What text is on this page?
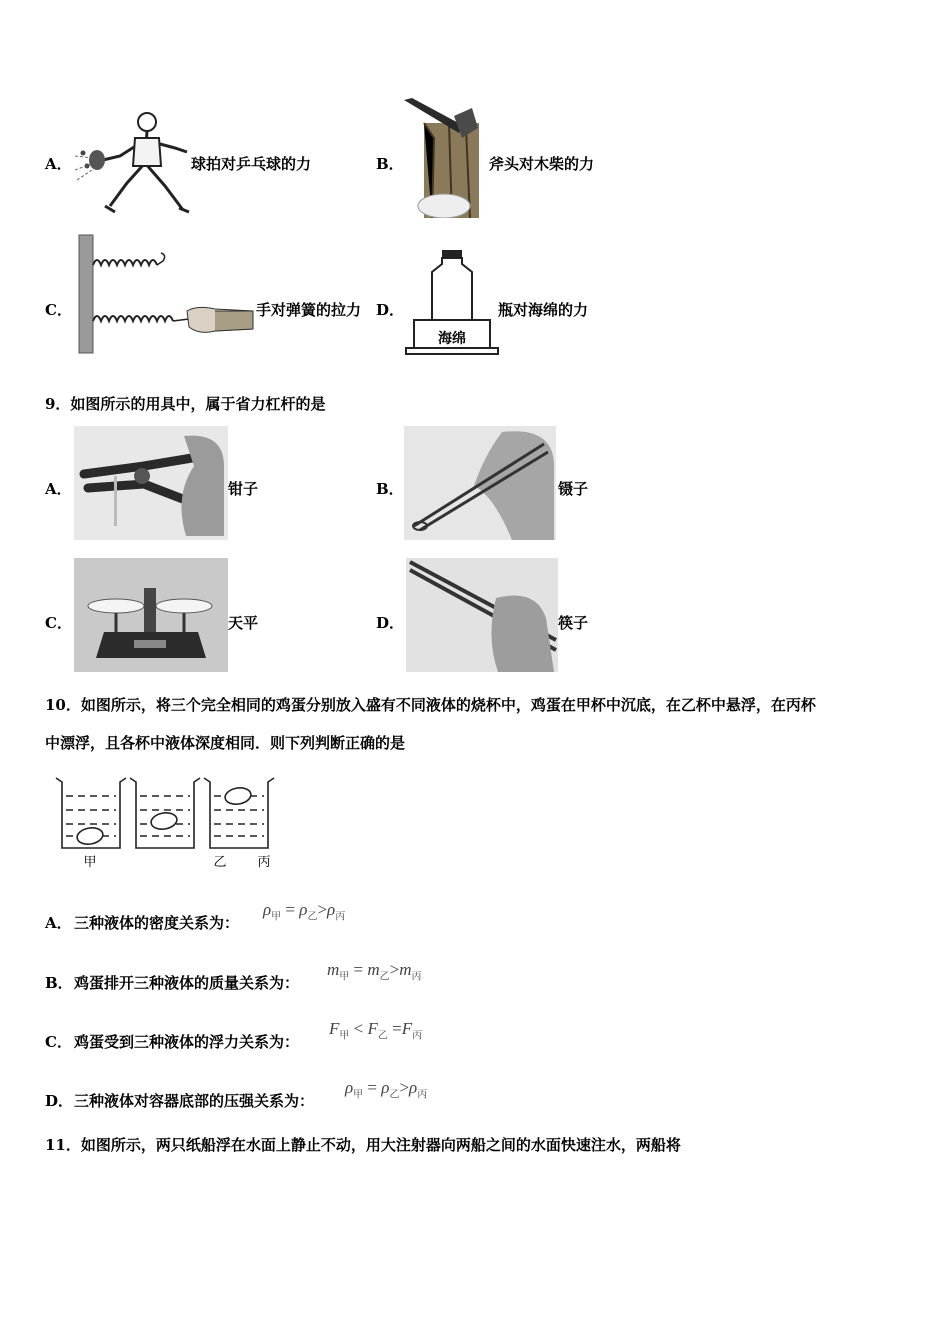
A．	球拍对乒乓球的力	B．	斧头对木柴的力
C．	手对弹簧的拉力 D．
海绵
瓶对海绵的力
9．如图所示的用具中，属于省力杠杆的是
A．	钳子	B．	镊子
C．	天平	D．	筷子
10．如图所示，将三个完全相同的鸡蛋分别放入盛有不同液体的烧杯中，鸡蛋在甲杯中沉底，在乙杯中悬浮，在丙杯
中漂浮，且各杯中液体深度相同．则下列判断正确的是
甲	乙 丙
A． 三种液体的密度关系为：
$\rho_甲 = \rho_乙>\rho_丙$
B． 鸡蛋排开三种液体的质量关系为：
$m_甲 = m_乙>m_丙$
C． 鸡蛋受到三种液体的浮力关系为：
$F_甲 < F_乙 =F_丙$
D． 三种液体对容器底部的压强关系为：
$\rho_甲 = \rho_乙>\rho_丙$
11．如图所示，两只纸船浮在水面上静止不动，用大注射器向两船之间的水面快速注水，两船将
